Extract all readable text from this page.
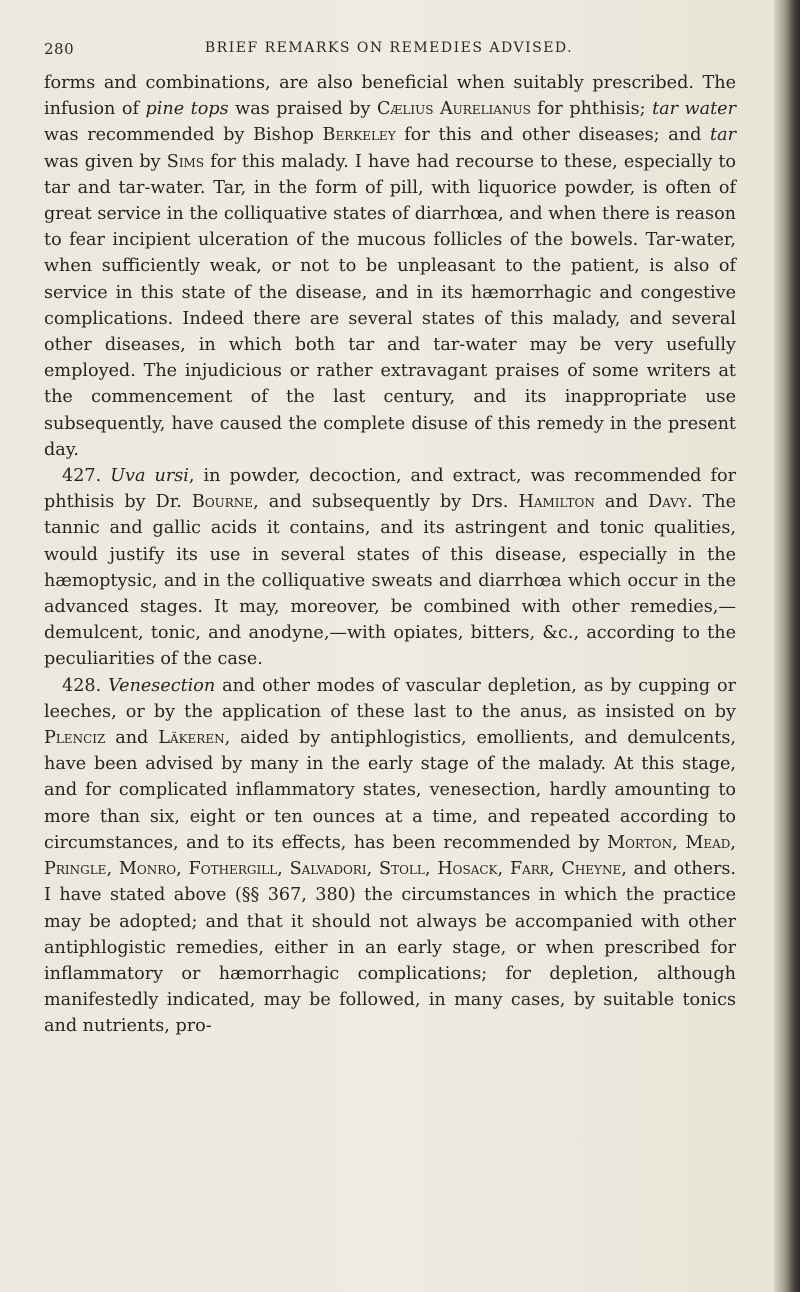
280	BRIEF REMARKS ON REMEDIES ADVISED.

forms and combinations, are also beneficial when suitably prescribed. The infusion of pine tops was praised by Cælius Aurelianus for phthisis; tar water was recommended by Bishop Berkeley for this and other diseases; and tar was given by Sims for this malady. I have had recourse to these, especially to tar and tar-water. Tar, in the form of pill, with liquorice powder, is often of great service in the colliquative states of diarrhœa, and when there is reason to fear incipient ulceration of the mucous follicles of the bowels. Tar-water, when sufficiently weak, or not to be unpleasant to the patient, is also of service in this state of the disease, and in its hæmorrhagic and congestive complications. Indeed there are several states of this malady, and several other diseases, in which both tar and tar-water may be very usefully employed. The injudicious or rather extravagant praises of some writers at the commencement of the last century, and its inappropriate use subsequently, have caused the complete disuse of this remedy in the present day.

427. Uva ursi, in powder, decoction, and extract, was recommended for phthisis by Dr. Bourne, and subsequently by Drs. Hamilton and Davy. The tannic and gallic acids it contains, and its astringent and tonic qualities, would justify its use in several states of this disease, especially in the hæmoptysic, and in the colliquative sweats and diarrhœa which occur in the advanced stages. It may, moreover, be combined with other remedies,—demulcent, tonic, and anodyne,—with opiates, bitters, &c., according to the peculiarities of the case.

428. Venesection and other modes of vascular depletion, as by cupping or leeches, or by the application of these last to the anus, as insisted on by Plenciz and Läkeren, aided by antiphlogistics, emollients, and demulcents, have been advised by many in the early stage of the malady. At this stage, and for complicated inflammatory states, venesection, hardly amounting to more than six, eight or ten ounces at a time, and repeated according to circumstances, and to its effects, has been recommended by Morton, Mead, Pringle, Monro, Fothergill, Salvadori, Stoll, Hosack, Farr, Cheyne, and others. I have stated above (§§ 367, 380) the circumstances in which the practice may be adopted; and that it should not always be accompanied with other antiphlogistic remedies, either in an early stage, or when prescribed for inflammatory or hæmorrhagic complications; for depletion, although manifestedly indicated, may be followed, in many cases, by suitable tonics and nutrients, pro-
